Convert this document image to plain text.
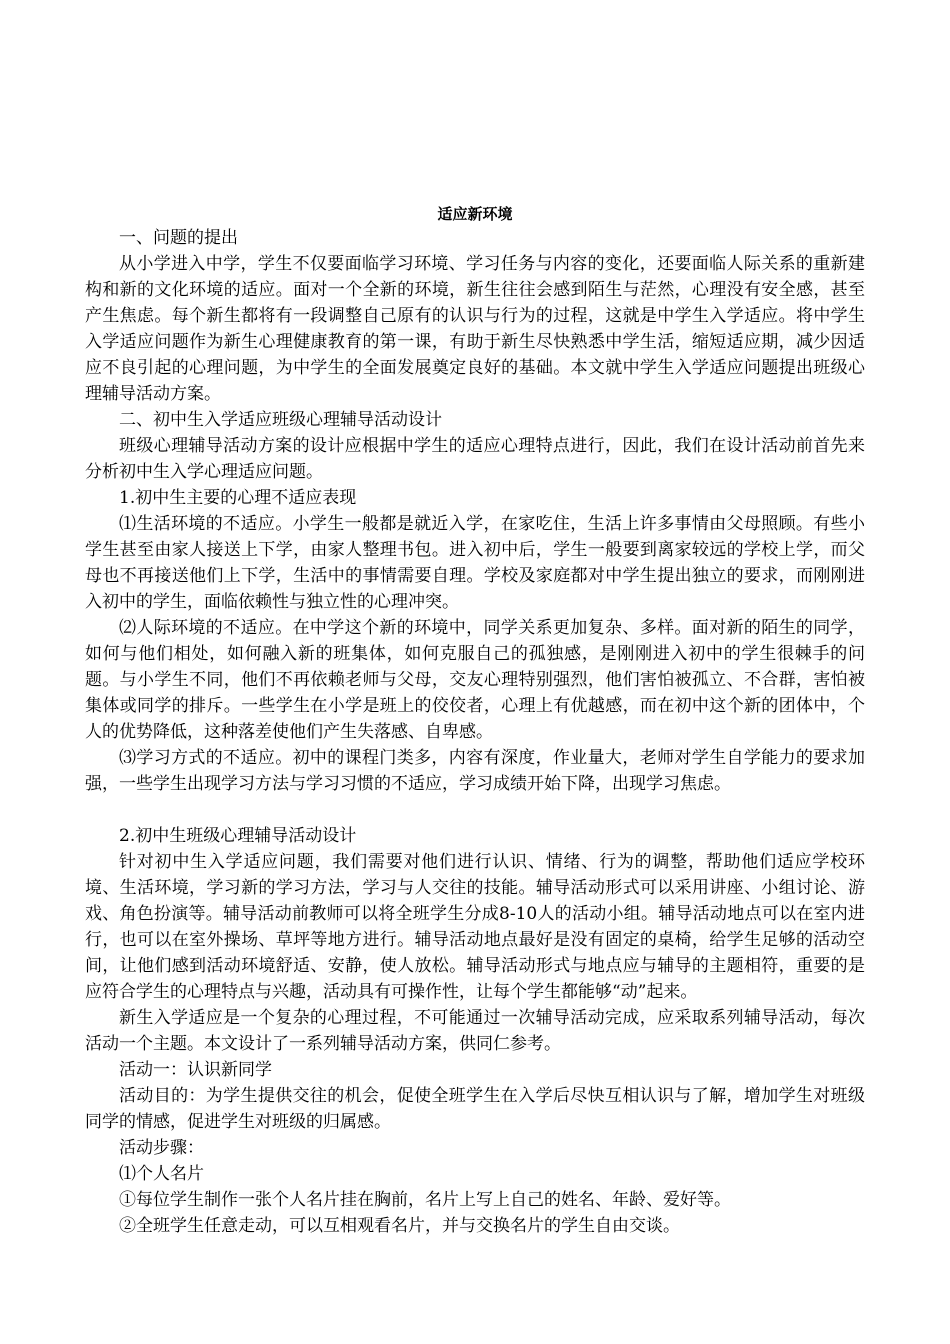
适应新环境

一、问题的提出

从小学进入中学，学生不仅要面临学习环境、学习任务与内容的变化，还要面临人际关系的重新建构和新的文化环境的适应。面对一个全新的环境，新生往往会感到陌生与茫然，心理没有安全感，甚至产生焦虑。每个新生都将有一段调整自己原有的认识与行为的过程，这就是中学生入学适应。将中学生入学适应问题作为新生心理健康教育的第一课，有助于新生尽快熟悉中学生活，缩短适应期，减少因适应不良引起的心理问题，为中学生的全面发展奠定良好的基础。本文就中学生入学适应问题提出班级心理辅导活动方案。

二、初中生入学适应班级心理辅导活动设计

班级心理辅导活动方案的设计应根据中学生的适应心理特点进行，因此，我们在设计活动前首先来分析初中生入学心理适应问题。

1.初中生主要的心理不适应表现

⑴生活环境的不适应。小学生一般都是就近入学，在家吃住，生活上许多事情由父母照顾。有些小学生甚至由家人接送上下学，由家人整理书包。进入初中后，学生一般要到离家较远的学校上学，而父母也不再接送他们上下学，生活中的事情需要自理。学校及家庭都对中学生提出独立的要求，而刚刚进入初中的学生，面临依赖性与独立性的心理冲突。

⑵人际环境的不适应。在中学这个新的环境中，同学关系更加复杂、多样。面对新的陌生的同学，如何与他们相处，如何融入新的班集体，如何克服自己的孤独感，是刚刚进入初中的学生很棘手的问题。与小学生不同，他们不再依赖老师与父母，交友心理特别强烈，他们害怕被孤立、不合群，害怕被集体或同学的排斥。一些学生在小学是班上的佼佼者，心理上有优越感，而在初中这个新的团体中，个人的优势降低，这种落差使他们产生失落感、自卑感。

⑶学习方式的不适应。初中的课程门类多，内容有深度，作业量大，老师对学生自学能力的要求加强，一些学生出现学习方法与学习习惯的不适应，学习成绩开始下降，出现学习焦虑。

2.初中生班级心理辅导活动设计

针对初中生入学适应问题，我们需要对他们进行认识、情绪、行为的调整，帮助他们适应学校环境、生活环境，学习新的学习方法，学习与人交往的技能。辅导活动形式可以采用讲座、小组讨论、游戏、角色扮演等。辅导活动前教师可以将全班学生分成8-10人的活动小组。辅导活动地点可以在室内进行，也可以在室外操场、草坪等地方进行。辅导活动地点最好是没有固定的桌椅，给学生足够的活动空间，让他们感到活动环境舒适、安静，使人放松。辅导活动形式与地点应与辅导的主题相符，重要的是应符合学生的心理特点与兴趣，活动具有可操作性，让每个学生都能够“动”起来。

新生入学适应是一个复杂的心理过程，不可能通过一次辅导活动完成，应采取系列辅导活动，每次活动一个主题。本文设计了一系列辅导活动方案，供同仁参考。

活动一：认识新同学

活动目的：为学生提供交往的机会，促使全班学生在入学后尽快互相认识与了解，增加学生对班级同学的情感，促进学生对班级的归属感。

活动步骤：

⑴个人名片

①每位学生制作一张个人名片挂在胸前，名片上写上自己的姓名、年龄、爱好等。

②全班学生任意走动，可以互相观看名片，并与交换名片的学生自由交谈。
